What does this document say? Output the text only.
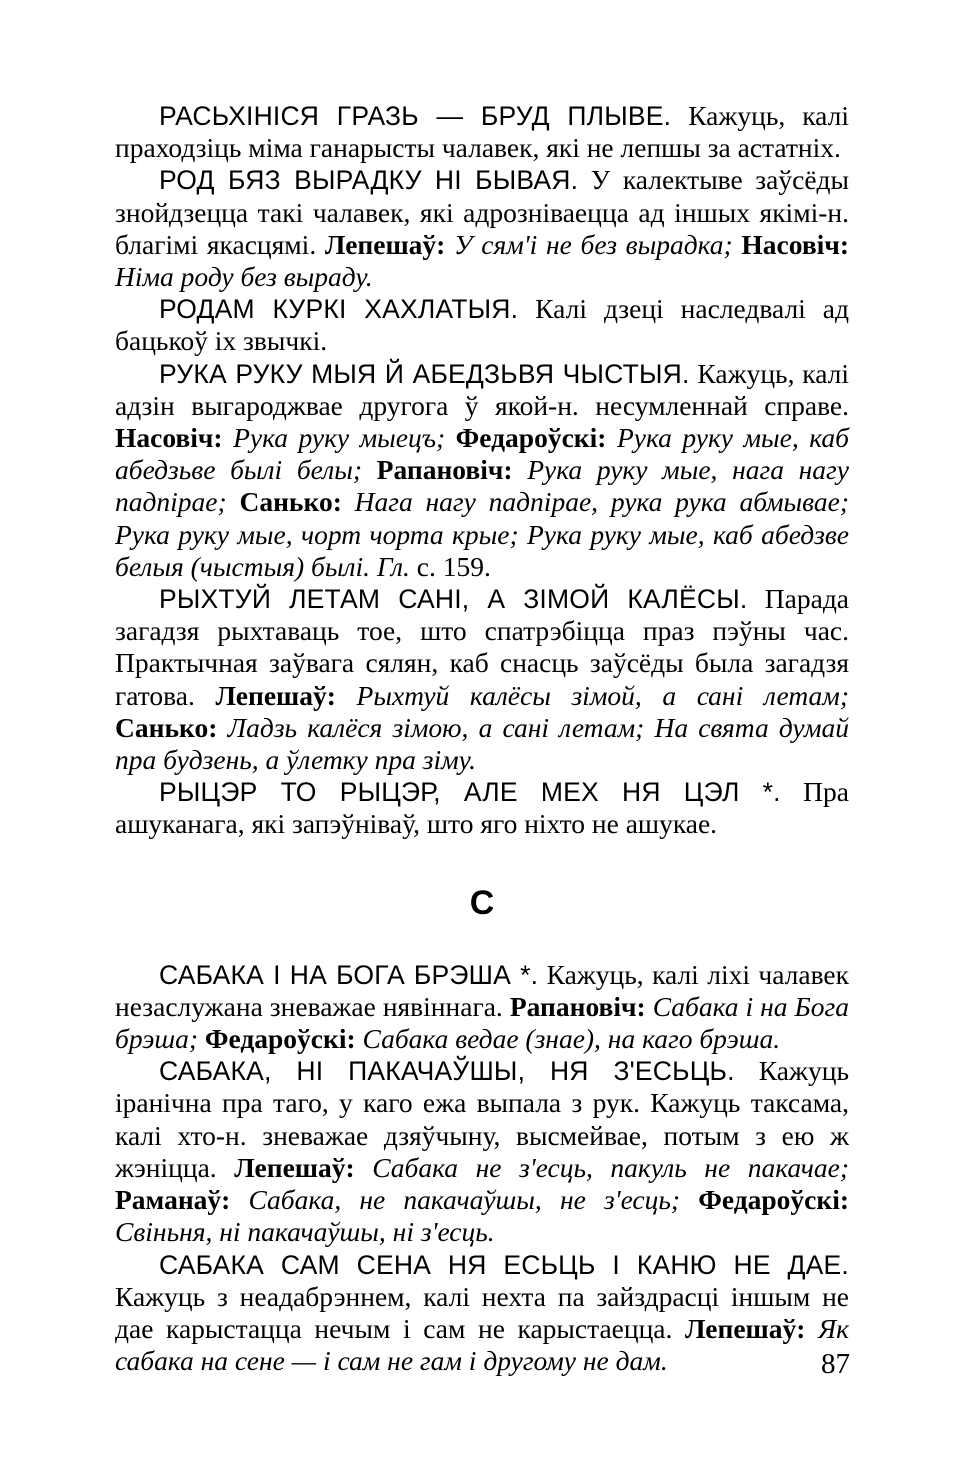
РАСЬХІНІСЯ ГРАЗЬ — БРУД ПЛЫВЕ. Кажуць, калі праходзіць міма ганарысты чалавек, які не лепшы за астатніх.

РОД БЯЗ ВЫРАДКУ НІ БЫВАЯ. У калектыве заўсёды знойдзецца такі чалавек, які адрозніваецца ад іншых якімі-н. благімі якасцямі. Лепешаў: У сям'і не без вырадка; Насовіч: Німа роду без выраду.

РОДАМ КУРКІ ХАХЛАТЫЯ. Калі дзеці наследвалі ад бацькоў іх звычкі.

РУКА РУКУ МЫЯ Й АБЕДЗЬВЯ ЧЫСТЫЯ. Кажуць, калі адзін выгароджвае другога ў якой-н. несумленнай справе. Насовіч: Рука руку мыецъ; Федароўскі: Рука руку мые, каб абедзьве былі белы; Рапановіч: Рука руку мые, нага нагу падпірае; Санько: Нага нагу падпірае, рука рука абмывае; Рука руку мые, чорт чорта крые; Рука руку мые, каб абедзве белыя (чыстыя) былі. Гл. с. 159.

РЫХТУЙ ЛЕТАМ САНІ, А ЗІМОЙ КАЛЁСЫ. Парада загадзя рыхтаваць тое, што спатрэбіцца праз пэўны час. Практычная заўвага сялян, каб снасць заўсёды была загадзя гатова. Лепешаў: Рыхтуй калёсы зімой, а сані летам; Санько: Ладзь калёся зімою, а сані летам; На свята думай пра будзень, а ўлетку пра зіму.

РЫЦЭР ТО РЫЦЭР, АЛЕ МЕХ НЯ ЦЭЛ *. Пра ашуканага, які запэўніваў, што яго ніхто не ашукае.

С

САБАКА І НА БОГА БРЭША *. Кажуць, калі ліхі чалавек незаслужана зневажае нявіннага. Рапановіч: Сабака і на Бога брэша; Федароўскі: Сабака ведае (знае), на каго брэша.

САБАКА, НІ ПАКАЧАЎШЫ, НЯ З'ЕСЬЦЬ. Кажуць іранічна пра таго, у каго ежа выпала з рук. Кажуць таксама, калі хто-н. зневажае дзяўчыну, высмейвае, потым з ею ж жэніцца. Лепешаў: Сабака не з'есць, пакуль не пакачае; Раманаў: Сабака, не пакачаўшы, не з'есць; Федароўскі: Свіньня, ні пакачаўшы, ні з'есць.

САБАКА САМ СЕНА НЯ ЕСЬЦЬ І КАНЮ НЕ ДАЕ. Кажуць з неадабрэннем, калі нехта па зайздрасці іншым не дае карыстацца нечым і сам не карыстаецца. Лепешаў: Як сабака на сене — і сам не гам і другому не дам.	87
